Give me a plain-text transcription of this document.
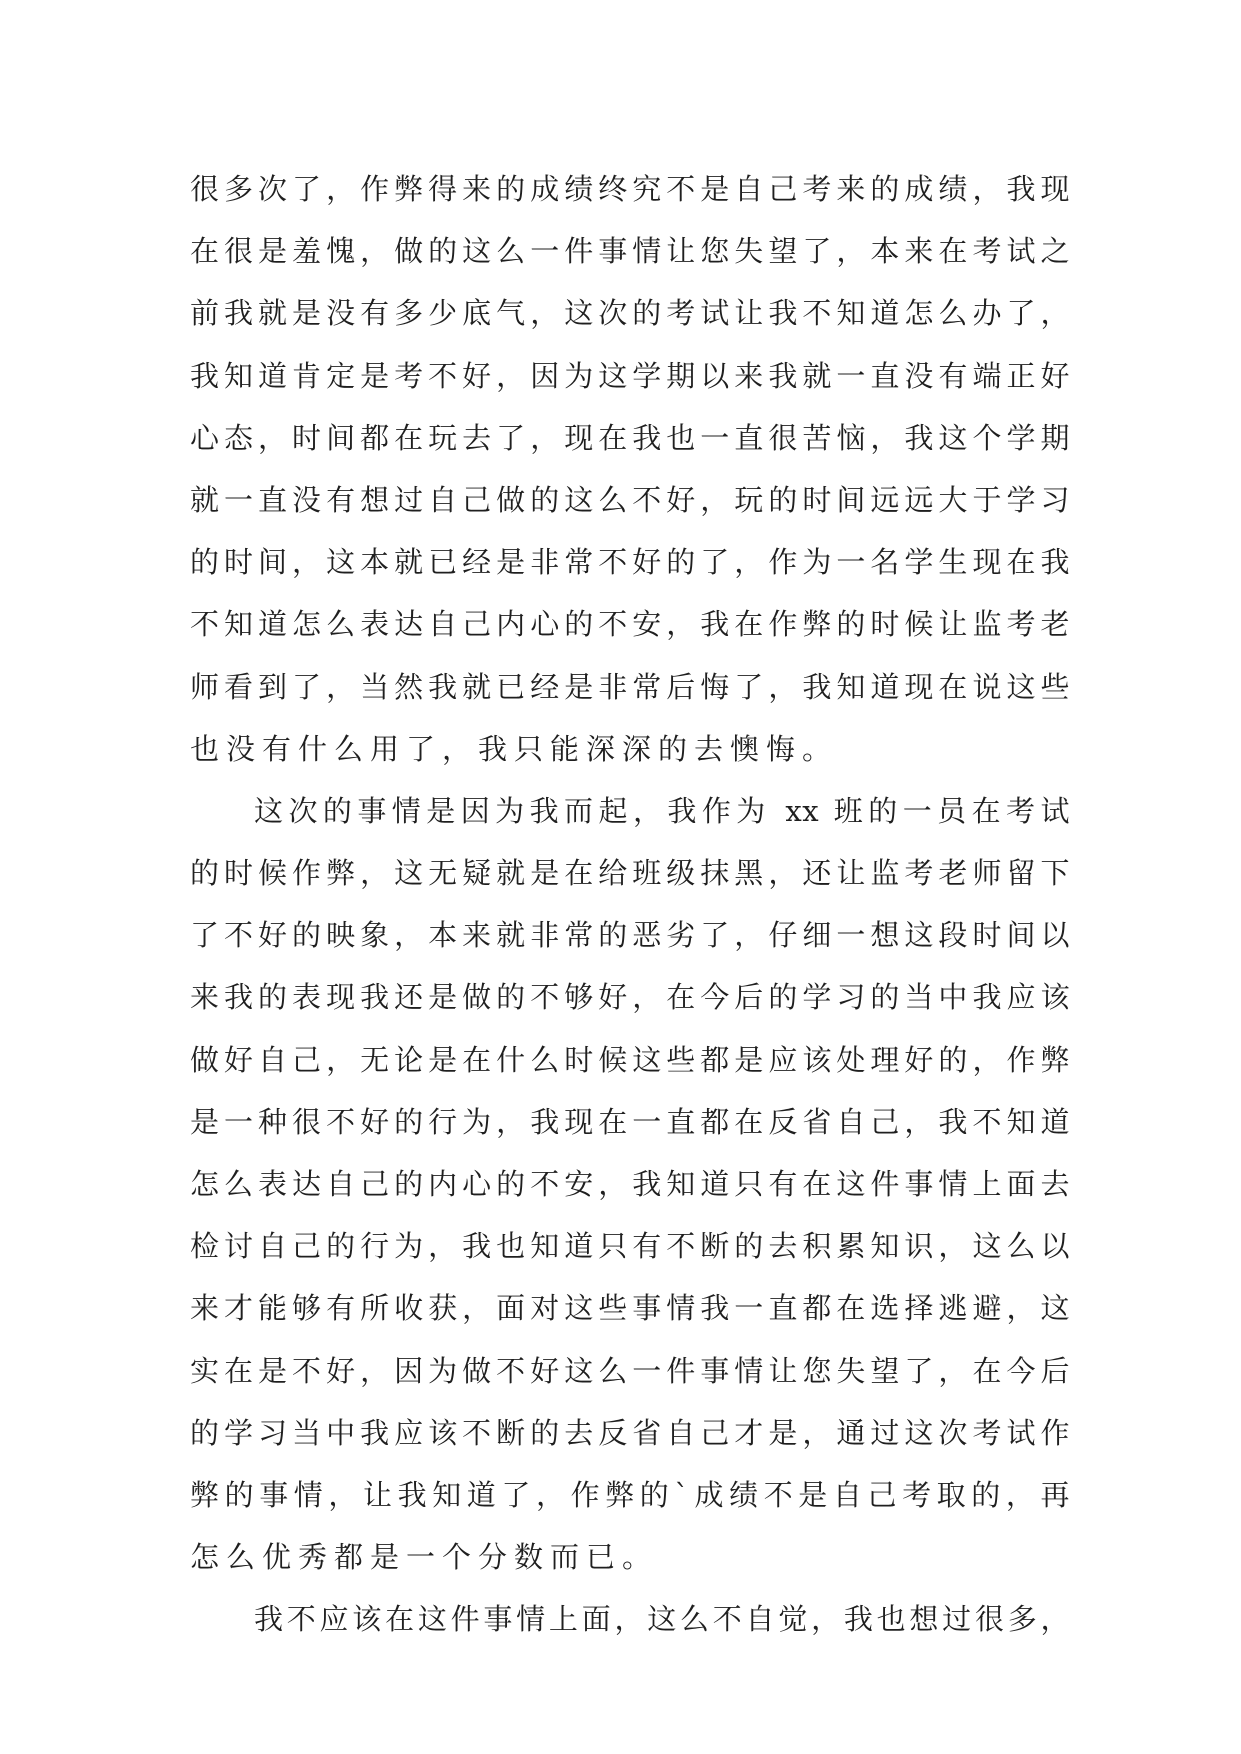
很多次了，作弊得来的成绩终究不是自己考来的成绩，我现
在很是羞愧，做的这么一件事情让您失望了，本来在考试之
前我就是没有多少底气，这次的考试让我不知道怎么办了，
我知道肯定是考不好，因为这学期以来我就一直没有端正好
心态，时间都在玩去了，现在我也一直很苦恼，我这个学期
就一直没有想过自己做的这么不好，玩的时间远远大于学习
的时间，这本就已经是非常不好的了，作为一名学生现在我
不知道怎么表达自己内心的不安，我在作弊的时候让监考老
师看到了，当然我就已经是非常后悔了，我知道现在说这些
也没有什么用了，我只能深深的去懊悔。
这次的事情是因为我而起，我作为 xx 班的一员在考试
的时候作弊，这无疑就是在给班级抹黑，还让监考老师留下
了不好的映象，本来就非常的恶劣了，仔细一想这段时间以
来我的表现我还是做的不够好，在今后的学习的当中我应该
做好自己，无论是在什么时候这些都是应该处理好的，作弊
是一种很不好的行为，我现在一直都在反省自己，我不知道
怎么表达自己的内心的不安，我知道只有在这件事情上面去
检讨自己的行为，我也知道只有不断的去积累知识，这么以
来才能够有所收获，面对这些事情我一直都在选择逃避，这
实在是不好，因为做不好这么一件事情让您失望了，在今后
的学习当中我应该不断的去反省自己才是，通过这次考试作
弊的事情，让我知道了，作弊的`成绩不是自己考取的，再
怎么优秀都是一个分数而已。
我不应该在这件事情上面，这么不自觉，我也想过很多，
